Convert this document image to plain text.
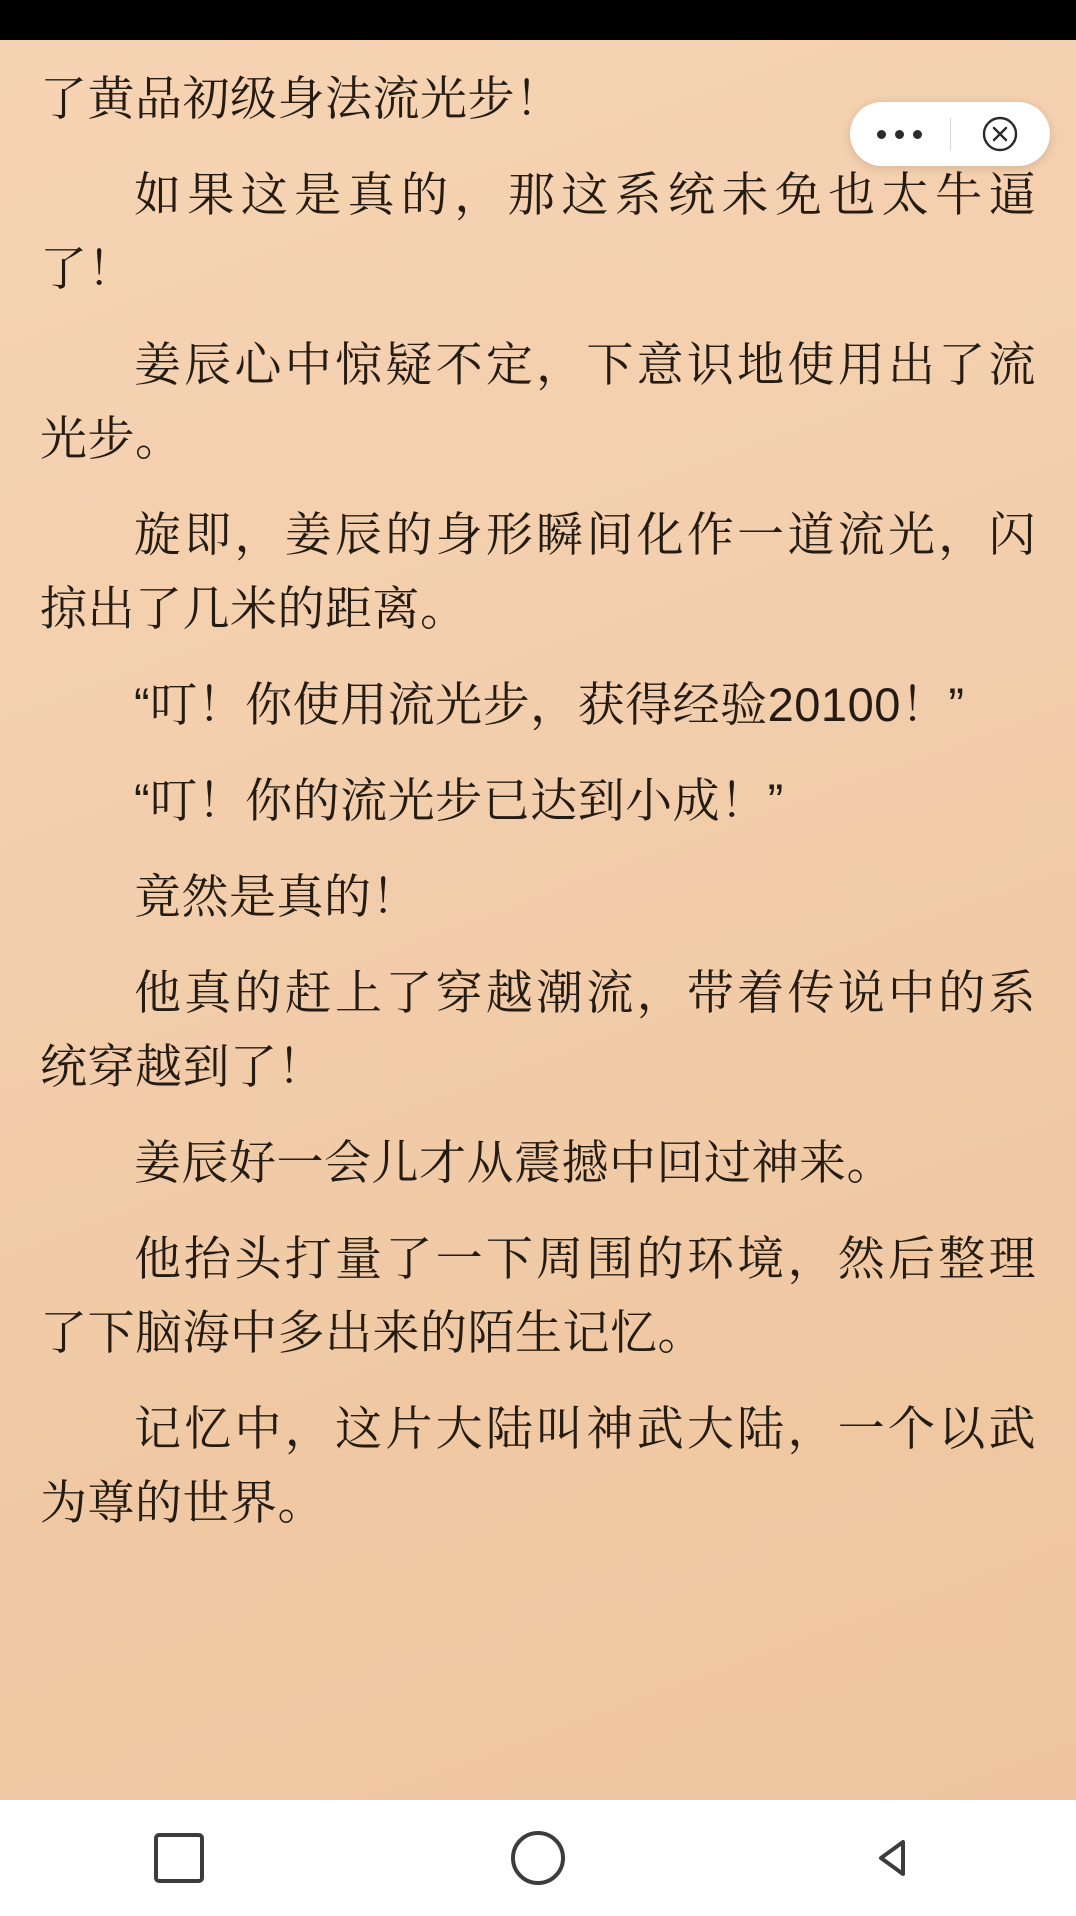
了黄品初级身法流光步！

如果这是真的，那这系统未免也太牛逼了！

姜辰心中惊疑不定，下意识地使用出了流光步。

旋即，姜辰的身形瞬间化作一道流光，闪掠出了几米的距离。

“叮！你使用流光步，获得经验20100！”

“叮！你的流光步已达到小成！”

竟然是真的！

他真的赶上了穿越潮流，带着传说中的系统穿越到了！

姜辰好一会儿才从震撼中回过神来。

他抬头打量了一下周围的环境，然后整理了下脑海中多出来的陌生记忆。

记忆中，这片大陆叫神武大陆，一个以武为尊的世界。
